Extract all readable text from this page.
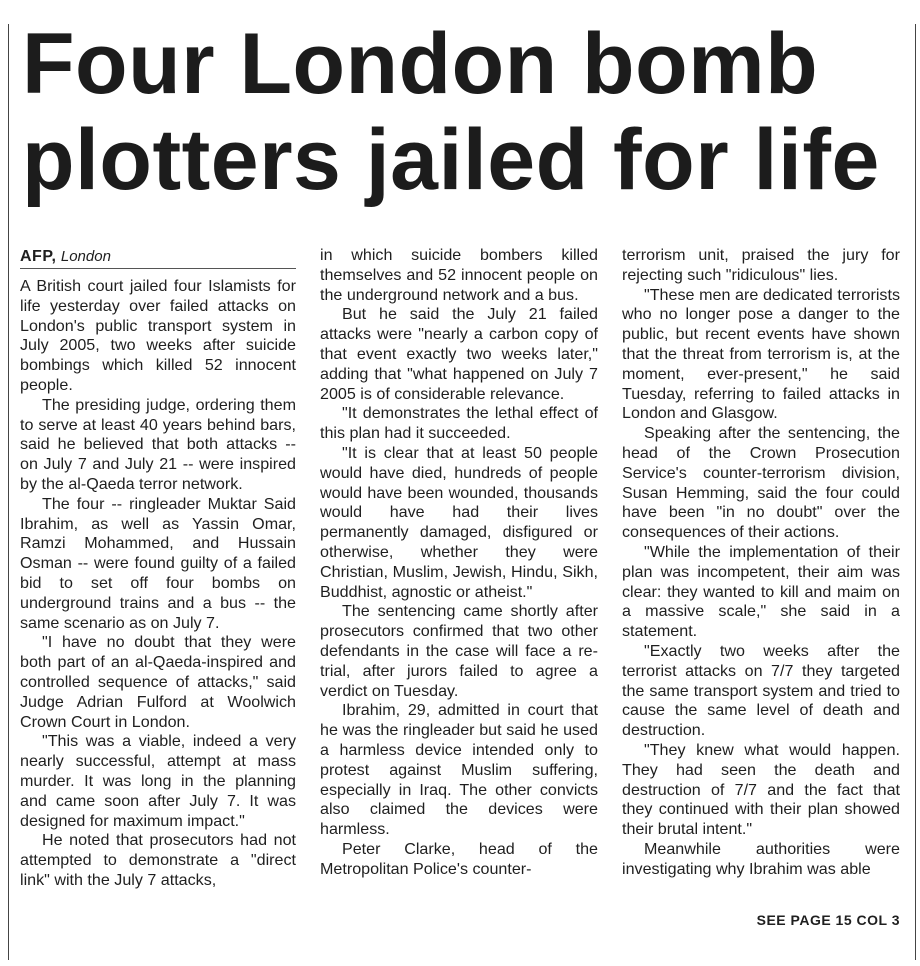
Four London bomb plotters jailed for life
AFP, London

A British court jailed four Islamists for life yesterday over failed attacks on London's public transport system in July 2005, two weeks after suicide bombings which killed 52 innocent people.

The presiding judge, ordering them to serve at least 40 years behind bars, said he believed that both attacks -- on July 7 and July 21 -- were inspired by the al-Qaeda terror network.

The four -- ringleader Muktar Said Ibrahim, as well as Yassin Omar, Ramzi Mohammed, and Hussain Osman -- were found guilty of a failed bid to set off four bombs on underground trains and a bus -- the same scenario as on July 7.

"I have no doubt that they were both part of an al-Qaeda-inspired and controlled sequence of attacks," said Judge Adrian Fulford at Woolwich Crown Court in London.

"This was a viable, indeed a very nearly successful, attempt at mass murder. It was long in the planning and came soon after July 7. It was designed for maximum impact."

He noted that prosecutors had not attempted to demonstrate a "direct link" with the July 7 attacks,

in which suicide bombers killed themselves and 52 innocent people on the underground network and a bus.

But he said the July 21 failed attacks were "nearly a carbon copy of that event exactly two weeks later," adding that "what happened on July 7 2005 is of considerable relevance.

"It demonstrates the lethal effect of this plan had it succeeded.

"It is clear that at least 50 people would have died, hundreds of people would have been wounded, thousands would have had their lives permanently damaged, disfigured or otherwise, whether they were Christian, Muslim, Jewish, Hindu, Sikh, Buddhist, agnostic or atheist."

The sentencing came shortly after prosecutors confirmed that two other defendants in the case will face a re-trial, after jurors failed to agree a verdict on Tuesday.

Ibrahim, 29, admitted in court that he was the ringleader but said he used a harmless device intended only to protest against Muslim suffering, especially in Iraq. The other convicts also claimed the devices were harmless.

Peter Clarke, head of the Metropolitan Police's counter-

terrorism unit, praised the jury for rejecting such "ridiculous" lies.

"These men are dedicated terrorists who no longer pose a danger to the public, but recent events have shown that the threat from terrorism is, at the moment, ever-present," he said Tuesday, referring to failed attacks in London and Glasgow.

Speaking after the sentencing, the head of the Crown Prosecution Service's counter-terrorism division, Susan Hemming, said the four could have been "in no doubt" over the consequences of their actions.

"While the implementation of their plan was incompetent, their aim was clear: they wanted to kill and maim on a massive scale," she said in a statement.

"Exactly two weeks after the terrorist attacks on 7/7 they targeted the same transport system and tried to cause the same level of death and destruction.

"They knew what would happen. They had seen the death and destruction of 7/7 and the fact that they continued with their plan showed their brutal intent."

Meanwhile authorities were investigating why Ibrahim was able

SEE PAGE 15 COL 3
